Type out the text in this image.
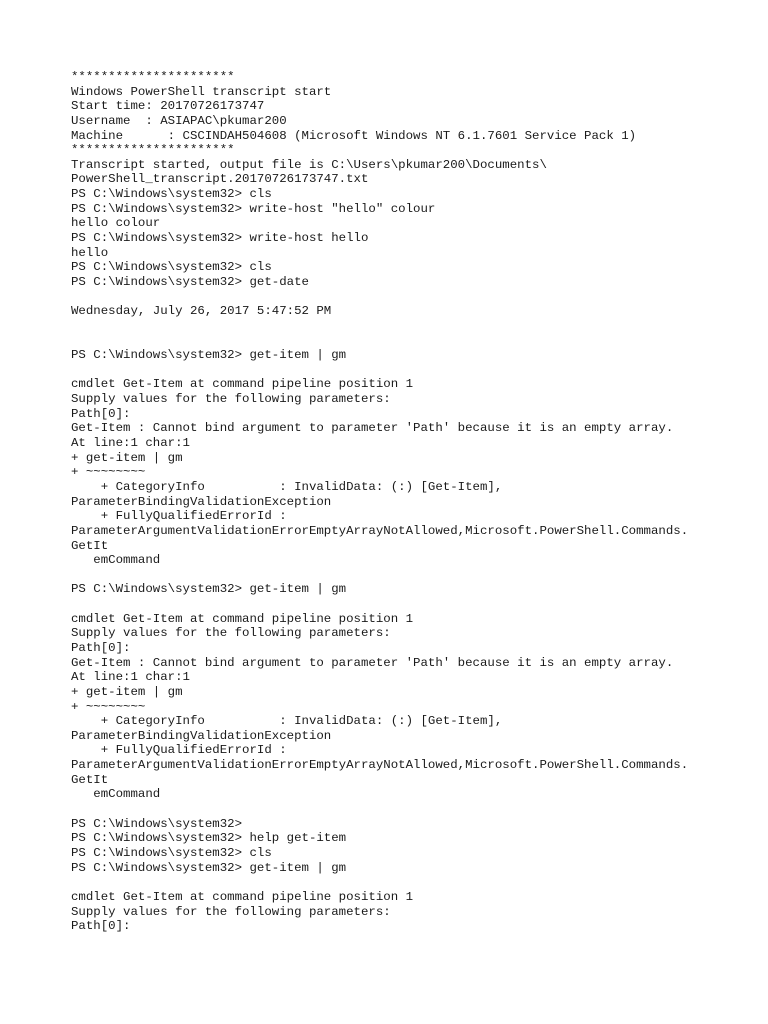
**********************
Windows PowerShell transcript start
Start time: 20170726173747
Username  : ASIAPAC\pkumar200
Machine      : CSCINDAH504608 (Microsoft Windows NT 6.1.7601 Service Pack 1)
**********************
Transcript started, output file is C:\Users\pkumar200\Documents\
PowerShell_transcript.20170726173747.txt
PS C:\Windows\system32> cls
PS C:\Windows\system32> write-host "hello" colour
hello colour
PS C:\Windows\system32> write-host hello
hello
PS C:\Windows\system32> cls
PS C:\Windows\system32> get-date
Wednesday, July 26, 2017 5:47:52 PM
PS C:\Windows\system32> get-item | gm
cmdlet Get-Item at command pipeline position 1
Supply values for the following parameters:
Path[0]:
Get-Item : Cannot bind argument to parameter 'Path' because it is an empty array.
At line:1 char:1
+ get-item | gm
+ ~~~~~~~~
+ CategoryInfo          : InvalidData: (:) [Get-Item],
ParameterBindingValidationException
+ FullyQualifiedErrorId :
ParameterArgumentValidationErrorEmptyArrayNotAllowed,Microsoft.PowerShell.Commands.
GetIt
emCommand
PS C:\Windows\system32> get-item | gm
cmdlet Get-Item at command pipeline position 1
Supply values for the following parameters:
Path[0]:
Get-Item : Cannot bind argument to parameter 'Path' because it is an empty array.
At line:1 char:1
+ get-item | gm
+ ~~~~~~~~
+ CategoryInfo          : InvalidData: (:) [Get-Item],
ParameterBindingValidationException
+ FullyQualifiedErrorId :
ParameterArgumentValidationErrorEmptyArrayNotAllowed,Microsoft.PowerShell.Commands.
GetIt
emCommand
PS C:\Windows\system32>
PS C:\Windows\system32> help get-item
PS C:\Windows\system32> cls
PS C:\Windows\system32> get-item | gm
cmdlet Get-Item at command pipeline position 1
Supply values for the following parameters:
Path[0]:
